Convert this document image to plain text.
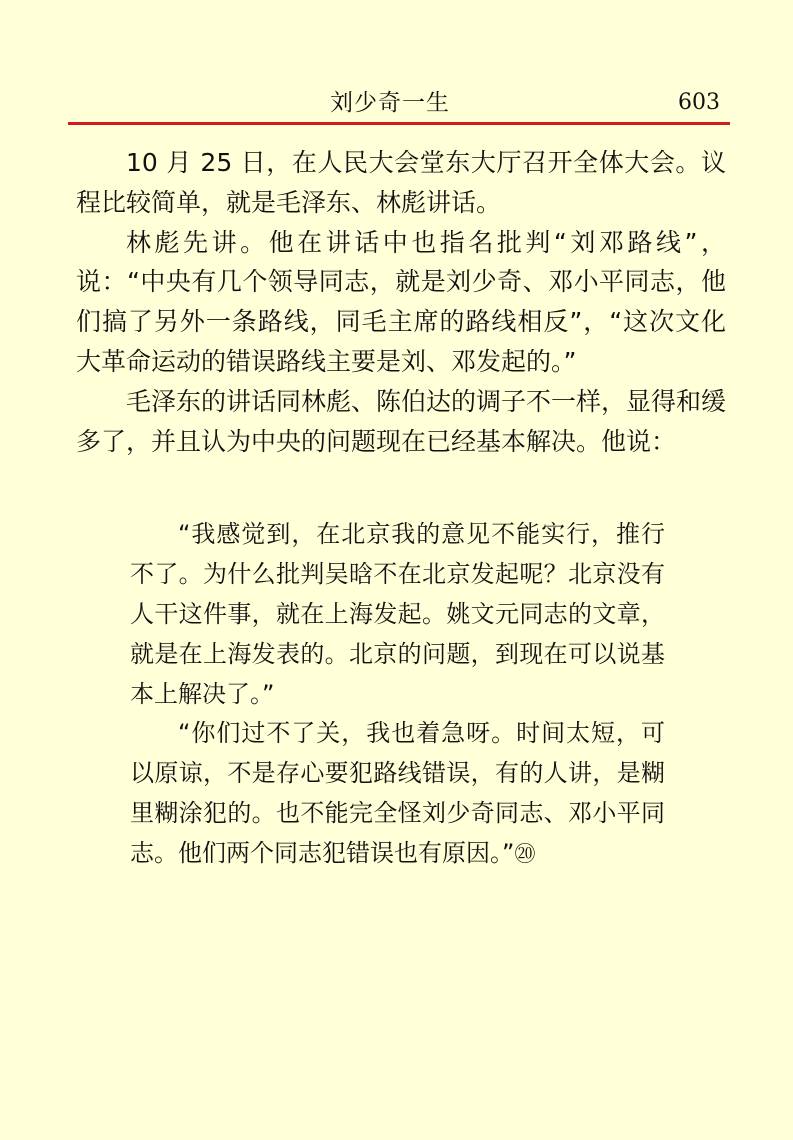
刘少奇一生	603

10 月 25 日，在人民大会堂东大厅召开全体大会。议程比较简单，就是毛泽东、林彪讲话。

林彪先讲。他在讲话中也指名批判“刘邓路线”，说：“中央有几个领导同志，就是刘少奇、邓小平同志，他们搞了另外一条路线，同毛主席的路线相反”，“这次文化大革命运动的错误路线主要是刘、邓发起的。”

毛泽东的讲话同林彪、陈伯达的调子不一样，显得和缓多了，并且认为中央的问题现在已经基本解决。他说：

“我感觉到，在北京我的意见不能实行，推行不了。为什么批判吴晗不在北京发起呢？北京没有人干这件事，就在上海发起。姚文元同志的文章，就是在上海发表的。北京的问题，到现在可以说基本上解决了。”

“你们过不了关，我也着急呀。时间太短，可以原谅，不是存心要犯路线错误，有的人讲，是糊里糊涂犯的。也不能完全怪刘少奇同志、邓小平同志。他们两个同志犯错误也有原因。”⑳
